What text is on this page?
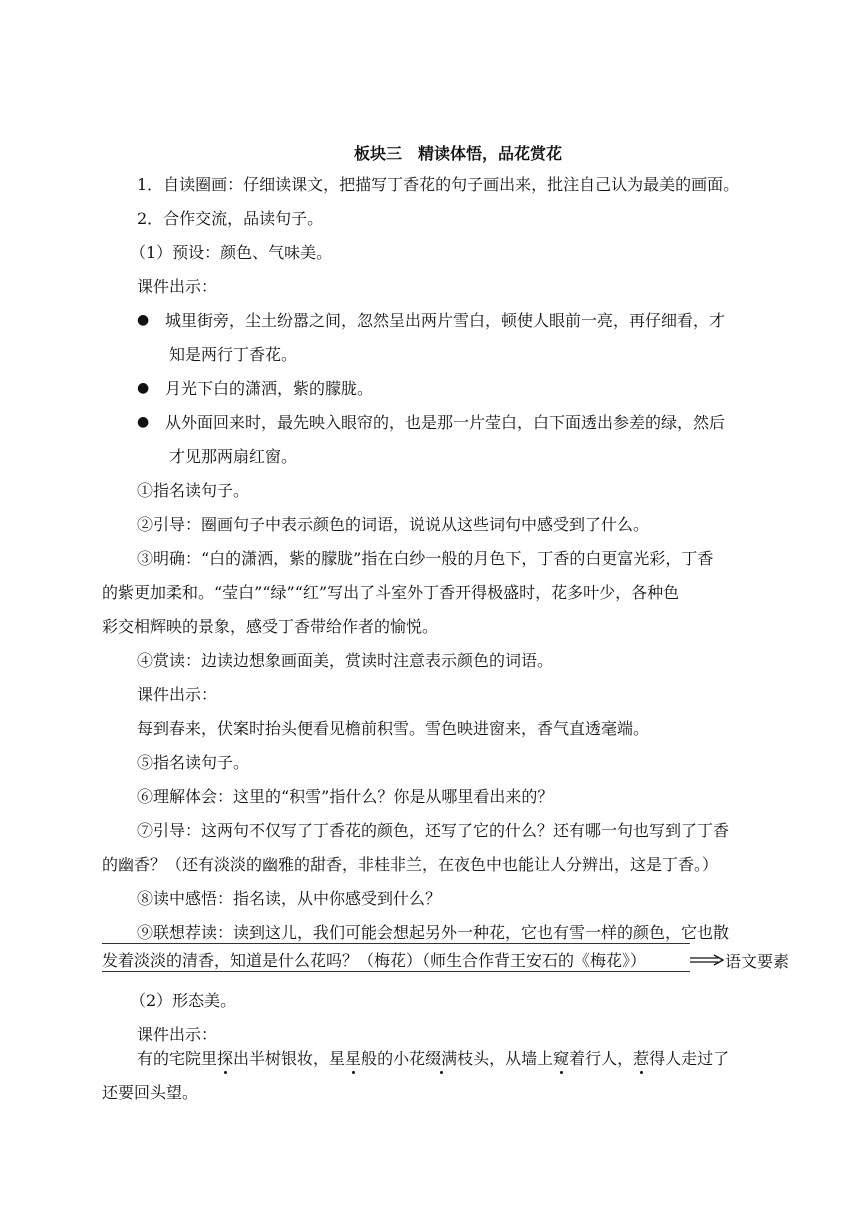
板块三　精读体悟，品花赏花
1．自读圈画：仔细读课文，把描写丁香花的句子画出来，批注自己认为最美的画面。
2．合作交流，品读句子。
（1）预设：颜色、气味美。
课件出示：
● 城里街旁，尘土纷嚣之间，忽然呈出两片雪白，顿使人眼前一亮，再仔细看，才
知是两行丁香花。
● 月光下白的潇洒，紫的朦胧。
● 从外面回来时，最先映入眼帘的，也是那一片莹白，白下面透出参差的绿，然后
才见那两扇红窗。
①指名读句子。
②引导：圈画句子中表示颜色的词语，说说从这些词句中感受到了什么。
③明确：“白的潇洒，紫的朦胧”指在白纱一般的月色下，丁香的白更富光彩，丁香
的紫更加柔和。“莹白”“绿”“红”写出了斗室外丁香开得极盛时，花多叶少，各种色
彩交相辉映的景象，感受丁香带给作者的愉悦。
④赏读：边读边想象画面美，赏读时注意表示颜色的词语。
课件出示：
每到春来，伏案时抬头便看见檐前积雪。雪色映进窗来，香气直透毫端。
⑤指名读句子。
⑥理解体会：这里的“积雪”指什么？你是从哪里看出来的？
⑦引导：这两句不仅写了丁香花的颜色，还写了它的什么？还有哪一句也写到了丁香
的幽香？（还有淡淡的幽雅的甜香，非桂非兰，在夜色中也能让人分辨出，这是丁香。）
⑧读中感悟：指名读，从中你感受到什么？
⑨联想荐读：读到这儿，我们可能会想起另外一种花，它也有雪一样的颜色，它也散
发着淡淡的清香，知道是什么花吗？（梅花）（师生合作背王安石的《梅花》）	语文要素
（2）形态美。
课件出示：
有的宅院里探出半树银妆，星星般的小花缀满枝头，从墙上窥着行人，惹得人走过了
还要回头望。
